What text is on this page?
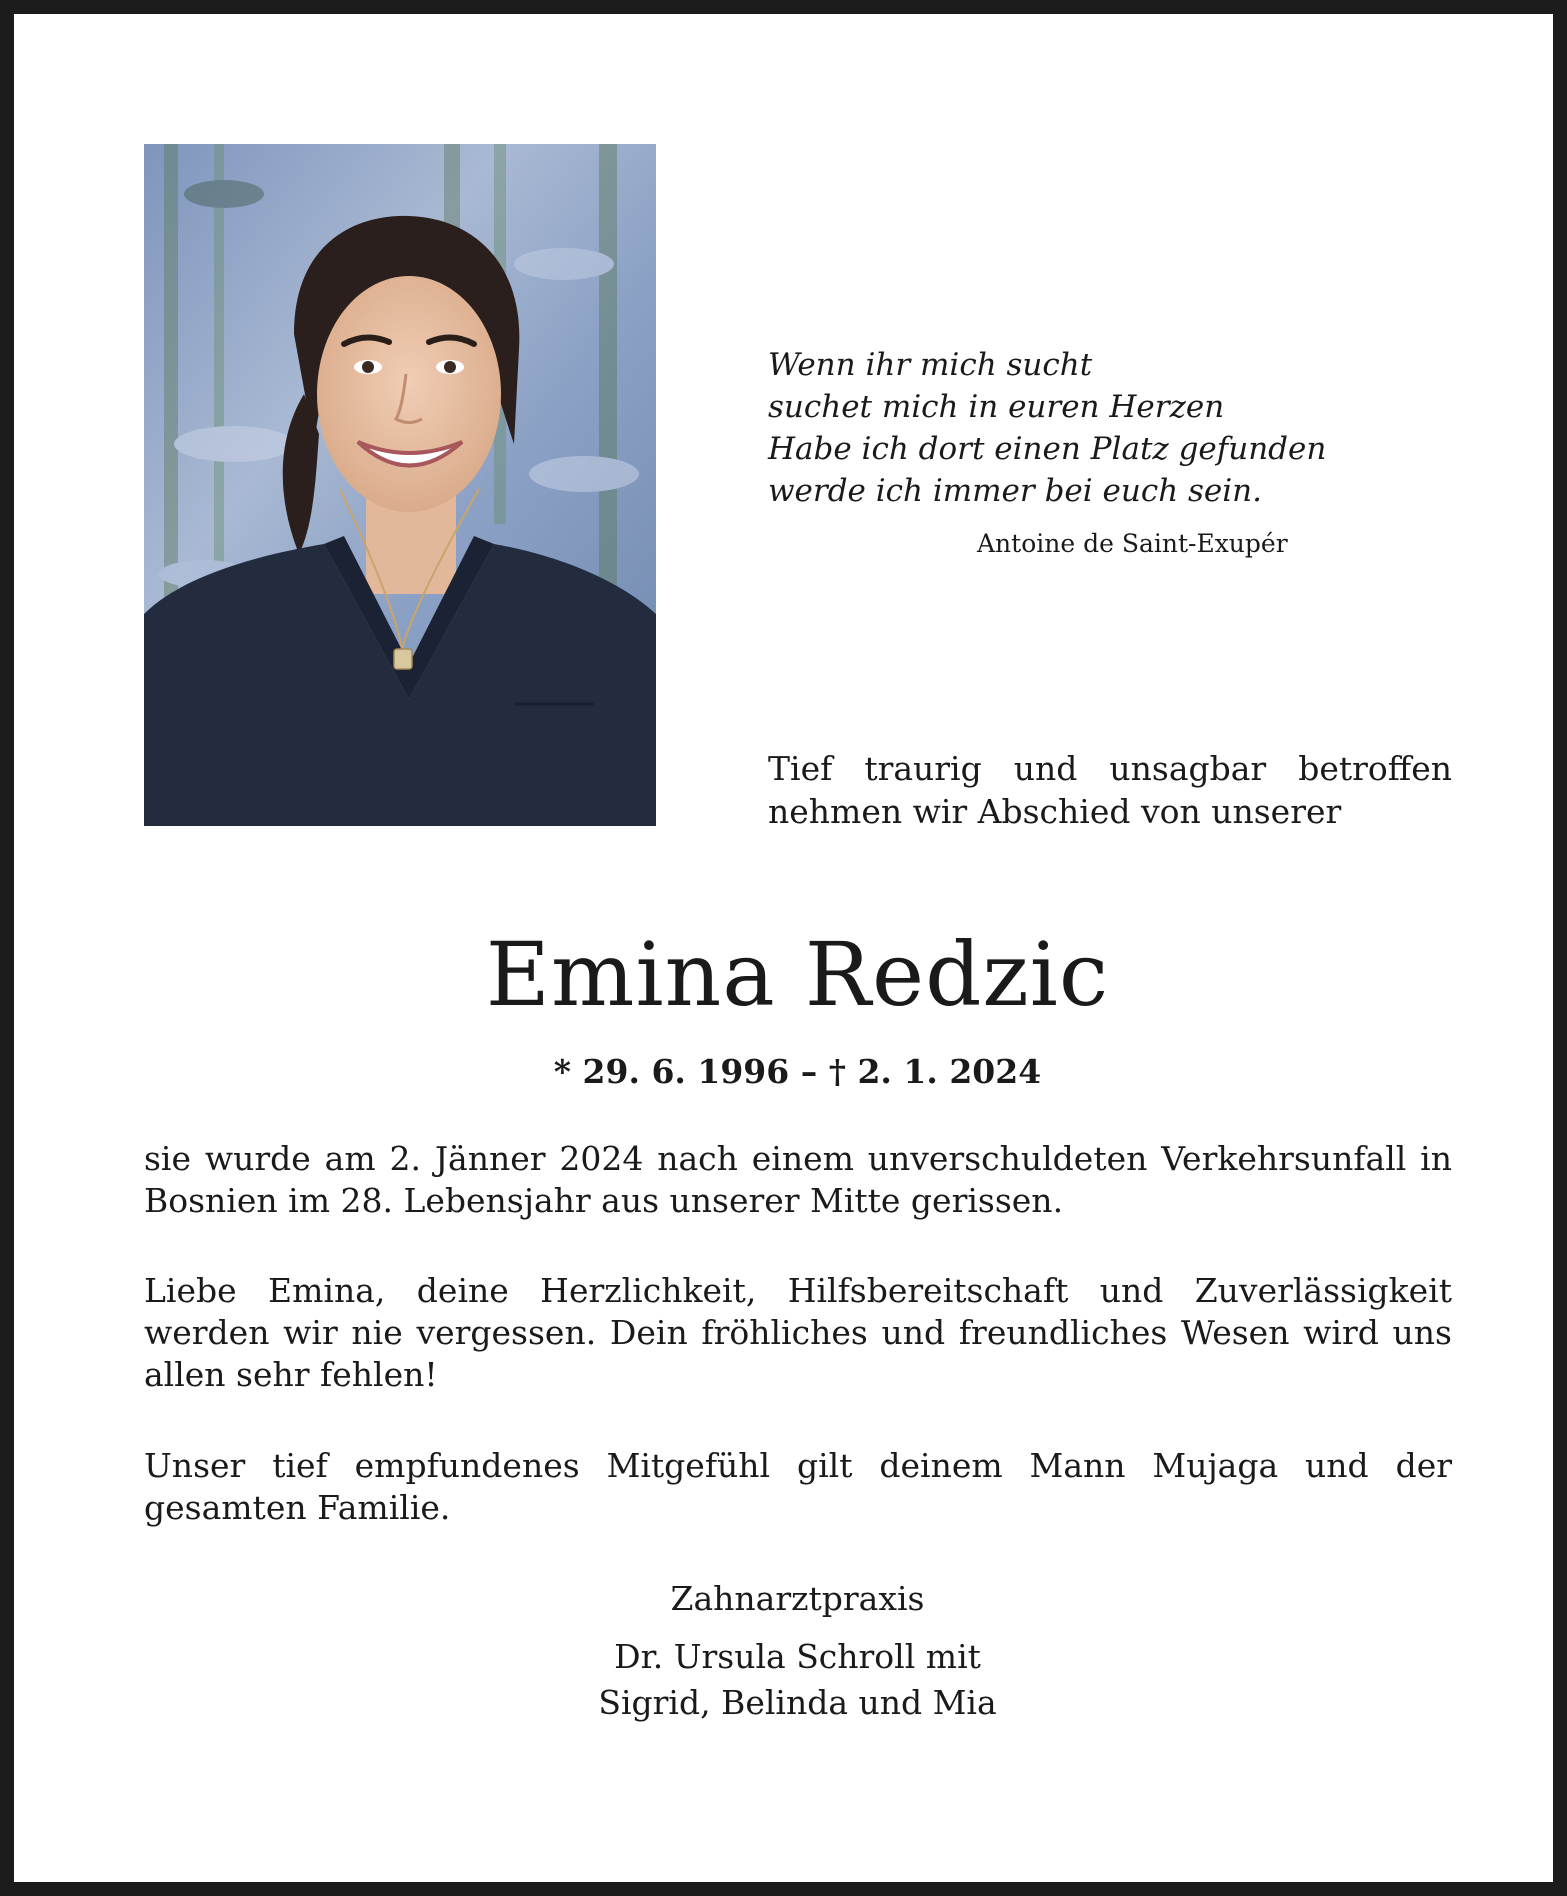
Wenn ihr mich sucht
suchet mich in euren Herzen
Habe ich dort einen Platz gefunden
werde ich immer bei euch sein.
Antoine de Saint-Exupér
Tief traurig und unsagbar betroffen
nehmen wir Abschied von unserer
Emina Redzic
* 29. 6. 1996 – † 2. 1. 2024
sie wurde am 2. Jänner 2024 nach einem unverschuldeten Verkehrsunfall in
Bosnien im 28. Lebensjahr aus unserer Mitte gerissen.
Liebe Emina, deine Herzlichkeit, Hilfsbereitschaft und Zuverlässigkeit
werden wir nie vergessen. Dein fröhliches und freundliches Wesen wird uns
allen sehr fehlen!
Unser tief empfundenes Mitgefühl gilt deinem Mann Mujaga und der
gesamten Familie.
Zahnarztpraxis
Dr. Ursula Schroll mit
Sigrid, Belinda und Mia
